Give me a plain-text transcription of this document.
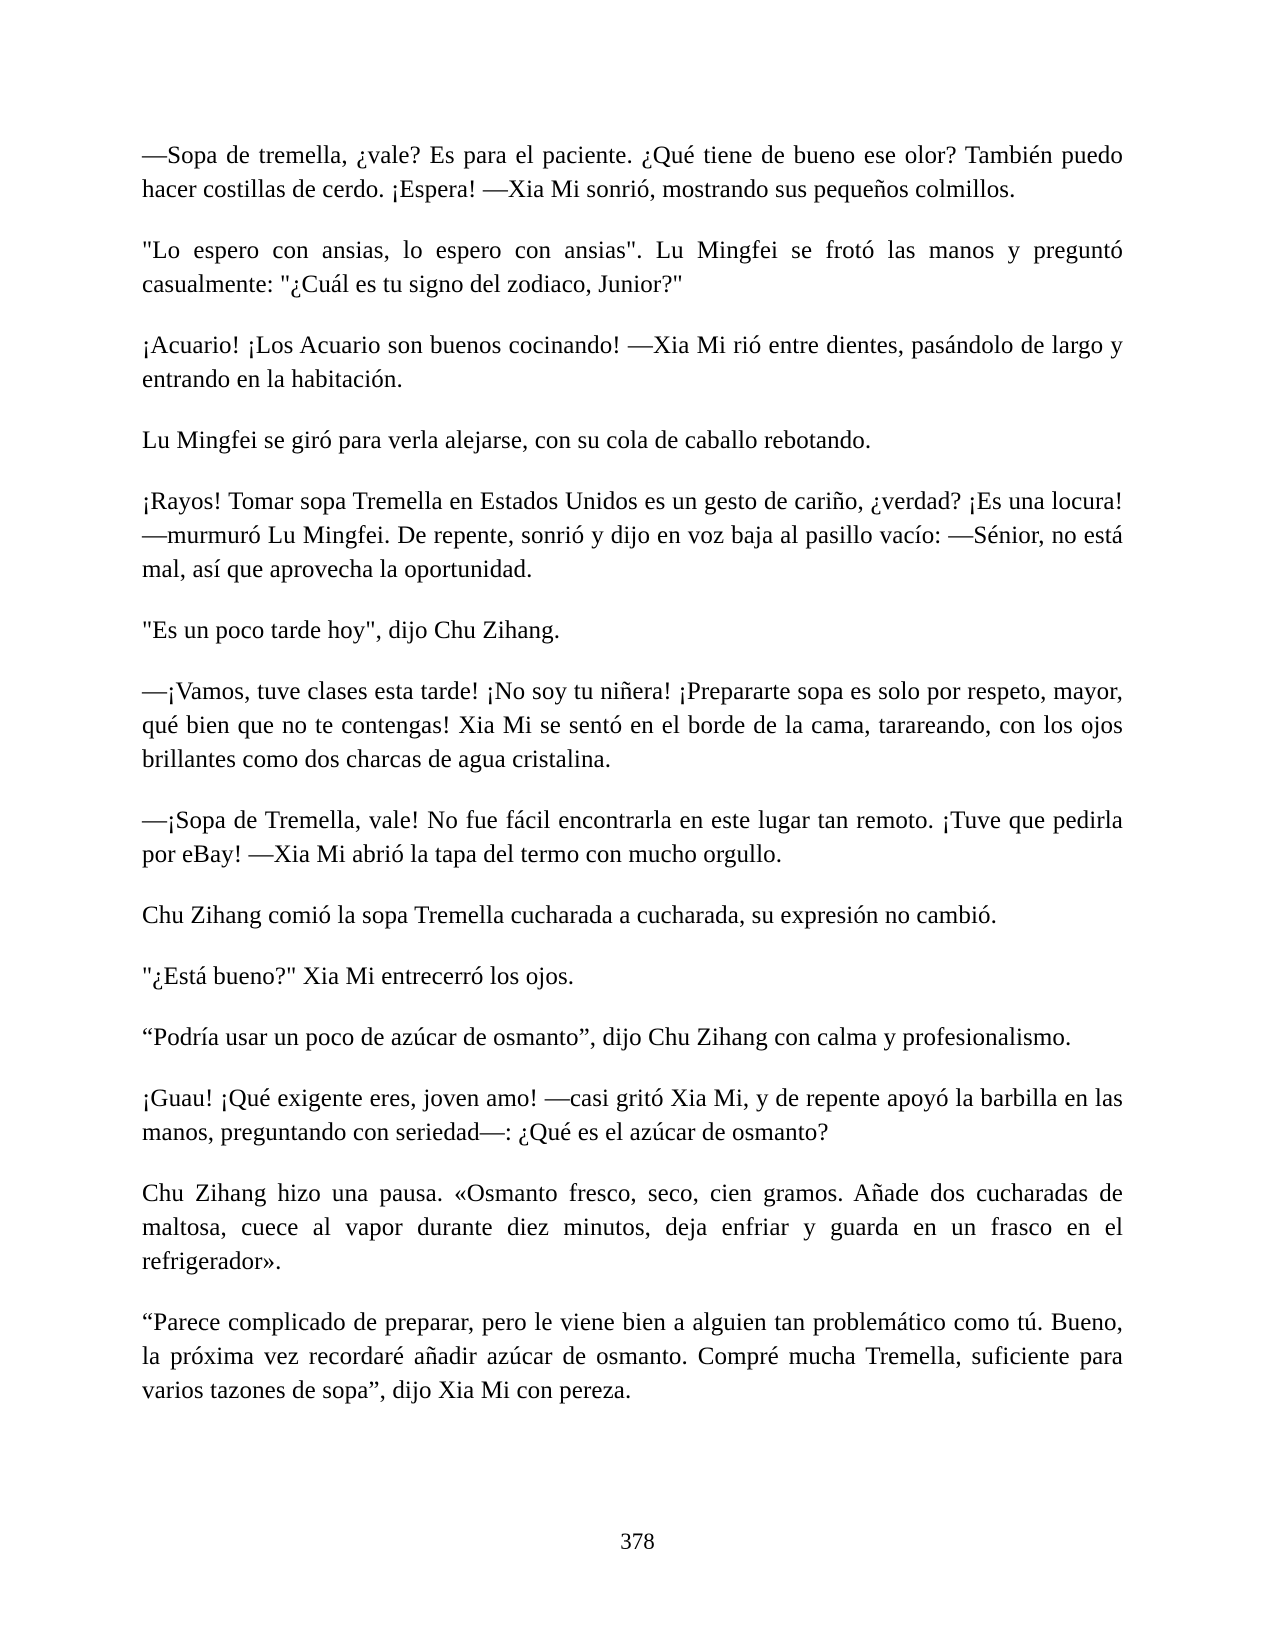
—Sopa de tremella, ¿vale? Es para el paciente. ¿Qué tiene de bueno ese olor? También puedo hacer costillas de cerdo. ¡Espera! —Xia Mi sonrió, mostrando sus pequeños colmillos.

"Lo espero con ansias, lo espero con ansias". Lu Mingfei se frotó las manos y preguntó casualmente: "¿Cuál es tu signo del zodiaco, Junior?"

¡Acuario! ¡Los Acuario son buenos cocinando! —Xia Mi rió entre dientes, pasándolo de largo y entrando en la habitación.

Lu Mingfei se giró para verla alejarse, con su cola de caballo rebotando.

¡Rayos! Tomar sopa Tremella en Estados Unidos es un gesto de cariño, ¿verdad? ¡Es una locura! —murmuró Lu Mingfei. De repente, sonrió y dijo en voz baja al pasillo vacío: —Sénior, no está mal, así que aprovecha la oportunidad.

"Es un poco tarde hoy", dijo Chu Zihang.

—¡Vamos, tuve clases esta tarde! ¡No soy tu niñera! ¡Prepararte sopa es solo por respeto, mayor, qué bien que no te contengas! Xia Mi se sentó en el borde de la cama, tarareando, con los ojos brillantes como dos charcas de agua cristalina.

—¡Sopa de Tremella, vale! No fue fácil encontrarla en este lugar tan remoto. ¡Tuve que pedirla por eBay! —Xia Mi abrió la tapa del termo con mucho orgullo.

Chu Zihang comió la sopa Tremella cucharada a cucharada, su expresión no cambió.

"¿Está bueno?" Xia Mi entrecerró los ojos.

“Podría usar un poco de azúcar de osmanto”, dijo Chu Zihang con calma y profesionalismo.

¡Guau! ¡Qué exigente eres, joven amo! —casi gritó Xia Mi, y de repente apoyó la barbilla en las manos, preguntando con seriedad—: ¿Qué es el azúcar de osmanto?

Chu Zihang hizo una pausa. «Osmanto fresco, seco, cien gramos. Añade dos cucharadas de maltosa, cuece al vapor durante diez minutos, deja enfriar y guarda en un frasco en el refrigerador».

“Parece complicado de preparar, pero le viene bien a alguien tan problemático como tú. Bueno, la próxima vez recordaré añadir azúcar de osmanto. Compré mucha Tremella, suficiente para varios tazones de sopa”, dijo Xia Mi con pereza.

378
